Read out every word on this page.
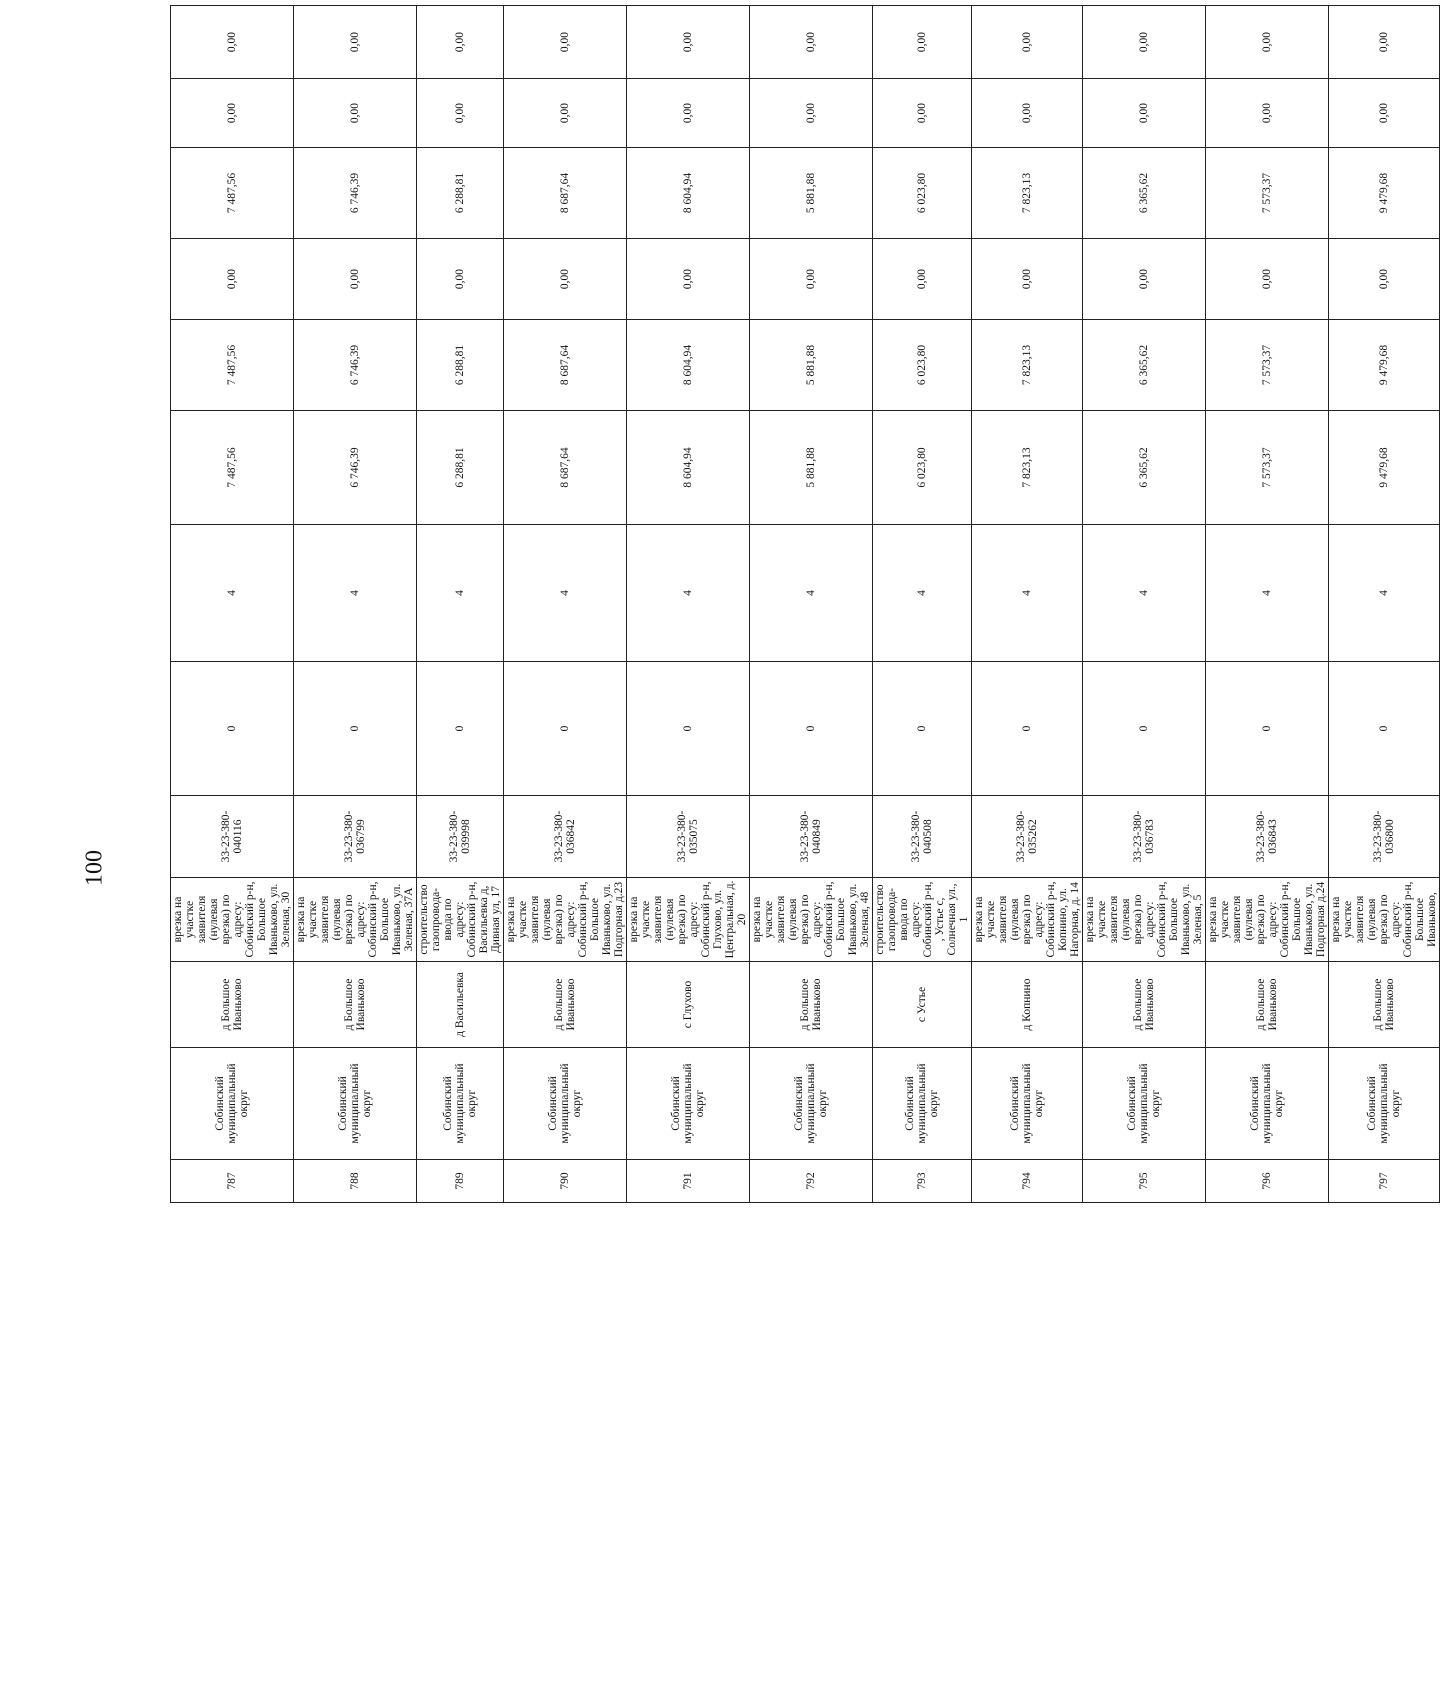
100
787	Собинский муниципальный округ	д Большое Иваньково	врезка на участке заявителя (нулевая врезка) по адресу: Собинский р-н, Большое Иваньково, ул. Зеленая, 30	33-23-380-040116	0	4	7 487,56	7 487,56	0,00	7 487,56	0,00	0,00
788	Собинский муниципальный округ	д Большое Иваньково	врезка на участке заявителя (нулевая врезка) по адресу: Собинский р-н, Большое Иваньково, ул. Зеленая, 37А	33-23-380-036799	0	4	6 746,39	6 746,39	0,00	6 746,39	0,00	0,00
789	Собинский муниципальный округ	д Васильевка	строительство газопровода-ввода по адресу: Собинский р-н, Васильевка д, Дивная ул, 17	33-23-380-039998	0	4	6 288,81	6 288,81	0,00	6 288,81	0,00	0,00
790	Собинский муниципальный округ	д Большое Иваньково	врезка на участке заявителя (нулевая врезка) по адресу: Собинский р-н, Большое Иваньково, ул. Подгорная д.23	33-23-380-036842	0	4	8 687,64	8 687,64	0,00	8 687,64	0,00	0,00
791	Собинский муниципальный округ	с Глухово	врезка на участке заявителя (нулевая врезка) по адресу: Собинский р-н, Глухово, ул. Центральная, д. 20	33-23-380-035075	0	4	8 604,94	8 604,94	0,00	8 604,94	0,00	0,00
792	Собинский муниципальный округ	д Большое Иваньково	врезка на участке заявителя (нулевая врезка) по адресу: Собинский р-н, Большое Иваньково, ул. Зеленая, 48	33-23-380-040849	0	4	5 881,88	5 881,88	0,00	5 881,88	0,00	0,00
793	Собинский муниципальный округ	с Устье	строительство газопровода-ввода по адресу: Собинский р-н, , Устье с, Солнечная ул., 1	33-23-380-040508	0	4	6 023,80	6 023,80	0,00	6 023,80	0,00	0,00
794	Собинский муниципальный округ	д Копнино	врезка на участке заявителя (нулевая врезка) по адресу: Собинский р-н, Копнино, ул. Нагорная, д. 14	33-23-380-035262	0	4	7 823,13	7 823,13	0,00	7 823,13	0,00	0,00
795	Собинский муниципальный округ	д Большое Иваньково	врезка на участке заявителя (нулевая врезка) по адресу: Собинский р-н, Большое Иваньково, ул. Зеленая, 5	33-23-380-036783	0	4	6 365,62	6 365,62	0,00	6 365,62	0,00	0,00
796	Собинский муниципальный округ	д Большое Иваньково	врезка на участке заявителя (нулевая врезка) по адресу: Собинский р-н, Большое Иваньково, ул. Подгорная д.24	33-23-380-036843	0	4	7 573,37	7 573,37	0,00	7 573,37	0,00	0,00
797	Собинский муниципальный округ	д Большое Иваньково	врезка на участке заявителя (нулевая врезка) по адресу: Собинский р-н, Большое Иваньково,	33-23-380-036800	0	4	9 479,68	9 479,68	0,00	9 479,68	0,00	0,00
